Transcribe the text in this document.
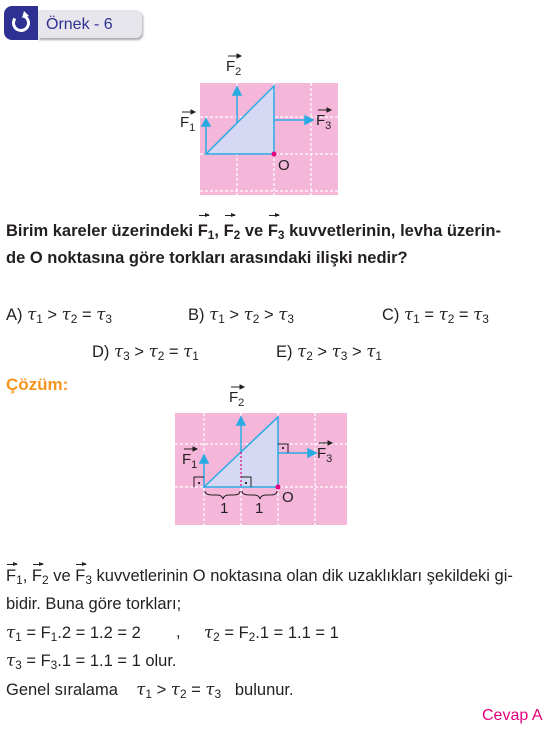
Örnek - 6
$F_2$
$F_1$	$F_3$
O
Birim kareler üzerindeki $F_1$, $F_2$ ve $F_3$ kuvvetlerinin, levha üzerin-
de O noktasına göre torkları arasındaki ilişki nedir?
A) $\tau_1 > \tau_2 = \tau_3$	B) $\tau_1 > \tau_2 > \tau_3$	C) $\tau_1 = \tau_2 = \tau_3$
D) $\tau_3 > \tau_2 = \tau_1$	E) $\tau_2 > \tau_3 > \tau_1$
Çözüm:
$F_2$
$F_1$
$F_3$
O
1 1
$F_1$, $F_2$ ve $F_3$ kuvvetlerinin O noktasına olan dik uzaklıkları şekildeki gi-
bidir. Buna göre torkları;
$\tau_1 = F_1.2 = 1.2 = 2$ , $\tau_2 = F_2.1 = 1.1 = 1$
$\tau_3 = F_3.1 = 1.1 = 1$ olur.
Genel sıralama $\tau_1 > \tau_2 = \tau_3$ bulunur.
Cevap A
